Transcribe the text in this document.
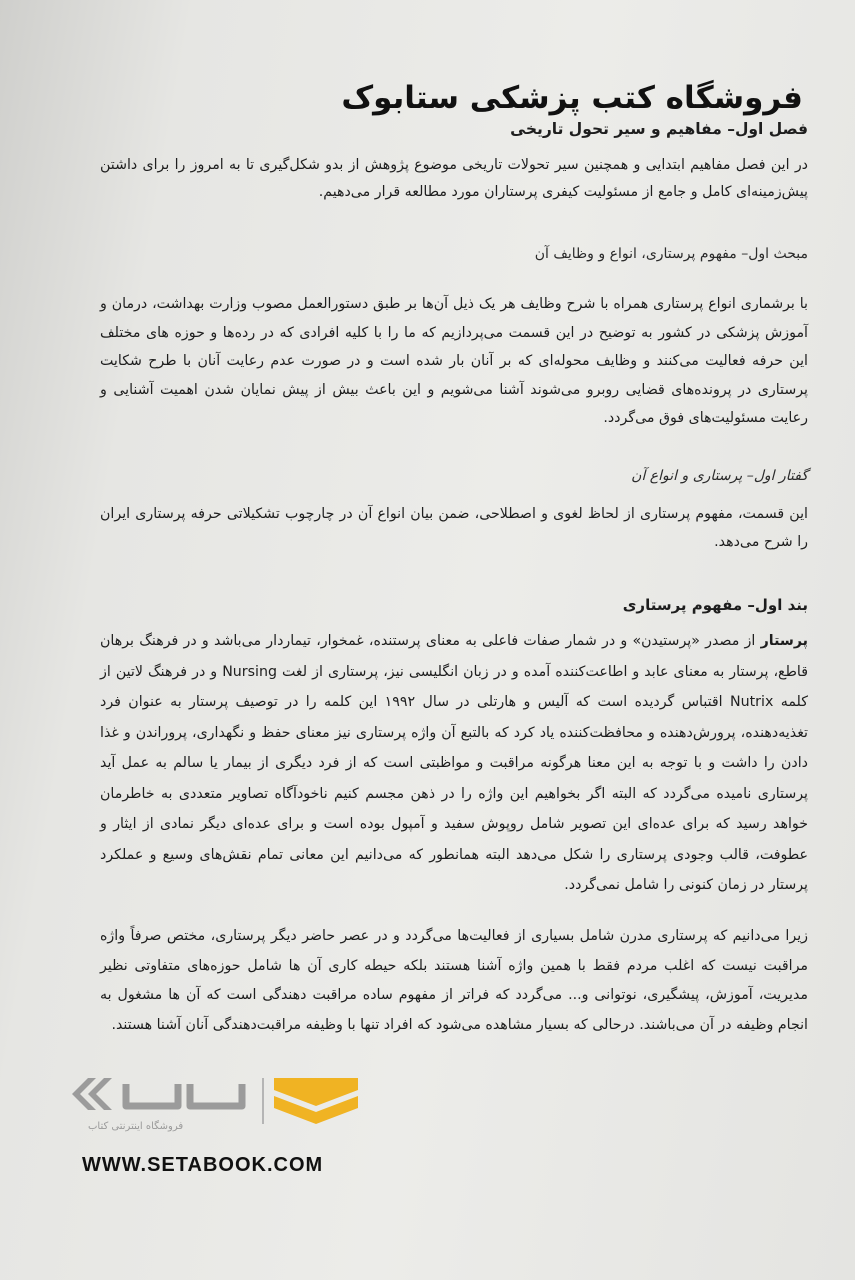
فروشگاه کتب پزشکی ستابوک
فصل اول– مفاهیم و سیر تحول تاریخی
در این فصل مفاهیم ابتدایی و همچنین سیر تحولات تاریخی موضوع پژوهش از بدو شکل‌گیری تا به امروز را برای داشتن پیش‌زمینه‌ای کامل و جامع از مسئولیت کیفری پرستاران مورد مطالعه قرار می‌دهیم.
مبحث اول– مفهوم پرستاری، انواع و وظایف آن
با برشماری انواع پرستاری همراه با شرح وظایف هر یک ذیل آن‌ها بر طبق دستورالعمل مصوب وزارت بهداشت، درمان و آموزش پزشکی در کشور به توضیح در این قسمت می‌پردازیم که ما را با کلیه افرادی که در رده‌ها و حوزه های مختلف این حرفه فعالیت می‌کنند و وظایف محوله‌ای که بر آنان بار شده است و در صورت عدم رعایت آنان با طرح شکایت پرستاری در پرونده‌های قضایی روبرو می‌شوند آشنا می‌شویم و این باعث بیش از پیش نمایان شدن اهمیت آشنایی و رعایت مسئولیت‌های فوق می‌گردد.
گفتار اول– پرستاری و انواع آن
این قسمت، مفهوم پرستاری از لحاظ لغوی و اصطلاحی، ضمن بیان انواع آن در چارچوب تشکیلاتی حرفه پرستاری ایران را شرح می‌دهد.
بند اول– مفهوم پرستاری
پرستار از مصدر «پرستیدن» و در شمار صفات فاعلی به معنای پرستنده، غمخوار، تیماردار می‌باشد و در فرهنگ برهان قاطع، پرستار به معنای عابد و اطاعت‌کننده آمده و در زبان انگلیسی نیز، پرستاری از لغت Nursing و در فرهنگ لاتین از کلمه Nutrix اقتباس گردیده است که آلیس و هارتلی در سال ۱۹۹۲ این کلمه را در توصیف پرستار به عنوان فرد تغذیه‌دهنده، پرورش‌دهنده و محافظت‌کننده یاد کرد که بالتبع آن واژه پرستاری نیز معنای حفظ و نگهداری، پروراندن و غذا دادن را داشت و با توجه به این معنا هرگونه مراقبت و مواظبتی است که از فرد دیگری از بیمار یا سالم به عمل آید پرستاری نامیده می‌گردد که البته اگر بخواهیم این واژه را در ذهن مجسم کنیم ناخودآگاه تصاویر متعددی به خاطرمان خواهد رسید که برای عده‌ای این تصویر شامل روپوش سفید و آمپول بوده است و برای عده‌ای دیگر نمادی از ایثار و عطوفت، قالب وجودی پرستاری را شکل می‌دهد البته همانطور که می‌دانیم این معانی تمام نقش‌های وسیع و عملکرد پرستار در زمان کنونی را شامل نمی‌گردد.
زیرا می‌دانیم که پرستاری مدرن شامل بسیاری از فعالیت‌ها می‌گردد و در عصر حاضر دیگر پرستاری، مختص صرفاً واژه مراقبت نیست که اغلب مردم فقط با همین واژه آشنا هستند بلکه حیطه کاری آن ها شامل حوزه‌های متفاوتی نظیر مدیریت، آموزش، پیشگیری، نوتوانی و... می‌گردد که فراتر از مفهوم ساده مراقبت دهندگی است که آن ها مشغول به انجام وظیفه در آن می‌باشند. درحالی که بسیار مشاهده می‌شود که افراد تنها با وظیفه مراقبت‌دهندگی آنان آشنا هستند.
فروشگاه اینترنتی کتاب
WWW.SETABOOK.COM
